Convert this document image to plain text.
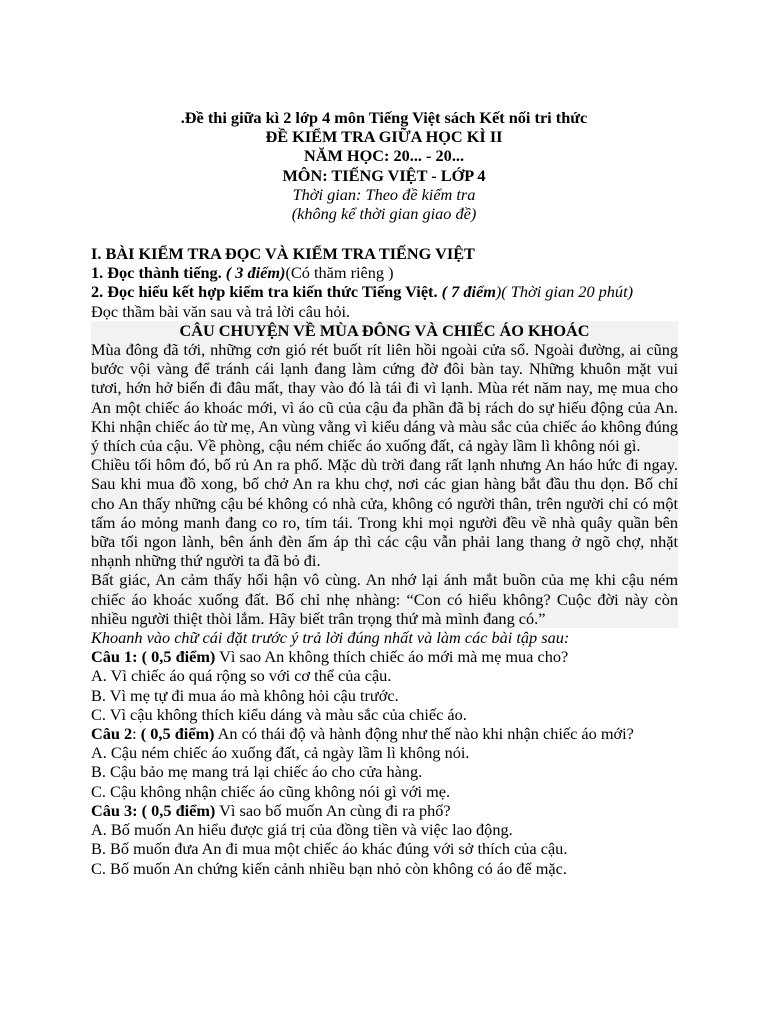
.Đề thi giữa kì 2 lớp 4 môn Tiếng Việt sách Kết nối tri thức
ĐỀ KIỂM TRA GIỮA HỌC KÌ II
NĂM HỌC: 20... - 20...
MÔN: TIẾNG VIỆT - LỚP 4
Thời gian: Theo đề kiểm tra
(không kể thời gian giao đề)
I. BÀI KIỂM TRA ĐỌC VÀ KIỂM TRA TIẾNG VIỆT
1. Đọc thành tiếng. ( 3 điểm)(Có thăm riêng )
2. Đọc hiểu kết hợp kiểm tra kiến thức Tiếng Việt. ( 7 điểm)( Thời gian 20 phút)
Đọc thầm bài văn sau và trả lời câu hỏi.
CÂU CHUYỆN VỀ MÙA ĐÔNG VÀ CHIẾC ÁO KHOÁC
Mùa đông đã tới, những cơn gió rét buốt rít liên hồi ngoài cửa sổ. Ngoài đường, ai cũng bước vội vàng để tránh cái lạnh đang làm cứng đờ đôi bàn tay. Những khuôn mặt vui tươi, hớn hở biến đi đâu mất, thay vào đó là tái đi vì lạnh. Mùa rét năm nay, mẹ mua cho An một chiếc áo khoác mới, vì áo cũ của cậu đa phần đã bị rách do sự hiếu động của An. Khi nhận chiếc áo từ mẹ, An vùng vằng vì kiểu dáng và màu sắc của chiếc áo không đúng ý thích của cậu. Về phòng, cậu ném chiếc áo xuống đất, cả ngày lầm lì không nói gì.
Chiều tối hôm đó, bố rủ An ra phố. Mặc dù trời đang rất lạnh nhưng An háo hức đi ngay. Sau khi mua đồ xong, bố chở An ra khu chợ, nơi các gian hàng bắt đầu thu dọn. Bố chỉ cho An thấy những cậu bé không có nhà cửa, không có người thân, trên người chỉ có một tấm áo mỏng manh đang co ro, tím tái. Trong khi mọi người đều về nhà quây quần bên bữa tối ngon lành, bên ánh đèn ấm áp thì các cậu vẫn phải lang thang ở ngõ chợ, nhặt nhạnh những thứ người ta đã bỏ đi.
Bất giác, An cảm thấy hối hận vô cùng. An nhớ lại ánh mắt buồn của mẹ khi cậu ném chiếc áo khoác xuống đất. Bố chỉ nhẹ nhàng: “Con có hiểu không? Cuộc đời này còn nhiều người thiệt thòi lắm. Hãy biết trân trọng thứ mà mình đang có.”
Khoanh vào chữ cái đặt trước ý trả lời đúng nhất và làm các bài tập sau:
Câu 1: ( 0,5 điểm) Vì sao An không thích chiếc áo mới mà mẹ mua cho?
A. Vì chiếc áo quá rộng so với cơ thể của cậu.
B. Vì mẹ tự đi mua áo mà không hỏi cậu trước.
C. Vì cậu không thích kiểu dáng và màu sắc của chiếc áo.
Câu 2: ( 0,5 điểm) An có thái độ và hành động như thế nào khi nhận chiếc áo mới?
A. Cậu ném chiếc áo xuống đất, cả ngày lầm lì không nói.
B. Cậu bảo mẹ mang trả lại chiếc áo cho cửa hàng.
C. Cậu không nhận chiếc áo cũng không nói gì với mẹ.
Câu 3: ( 0,5 điểm) Vì sao bố muốn An cùng đi ra phố?
A. Bố muốn An hiểu được giá trị của đồng tiền và việc lao động.
B. Bố muốn đưa An đi mua một chiếc áo khác đúng với sở thích của cậu.
C. Bố muốn An chứng kiến cảnh nhiều bạn nhỏ còn không có áo để mặc.
